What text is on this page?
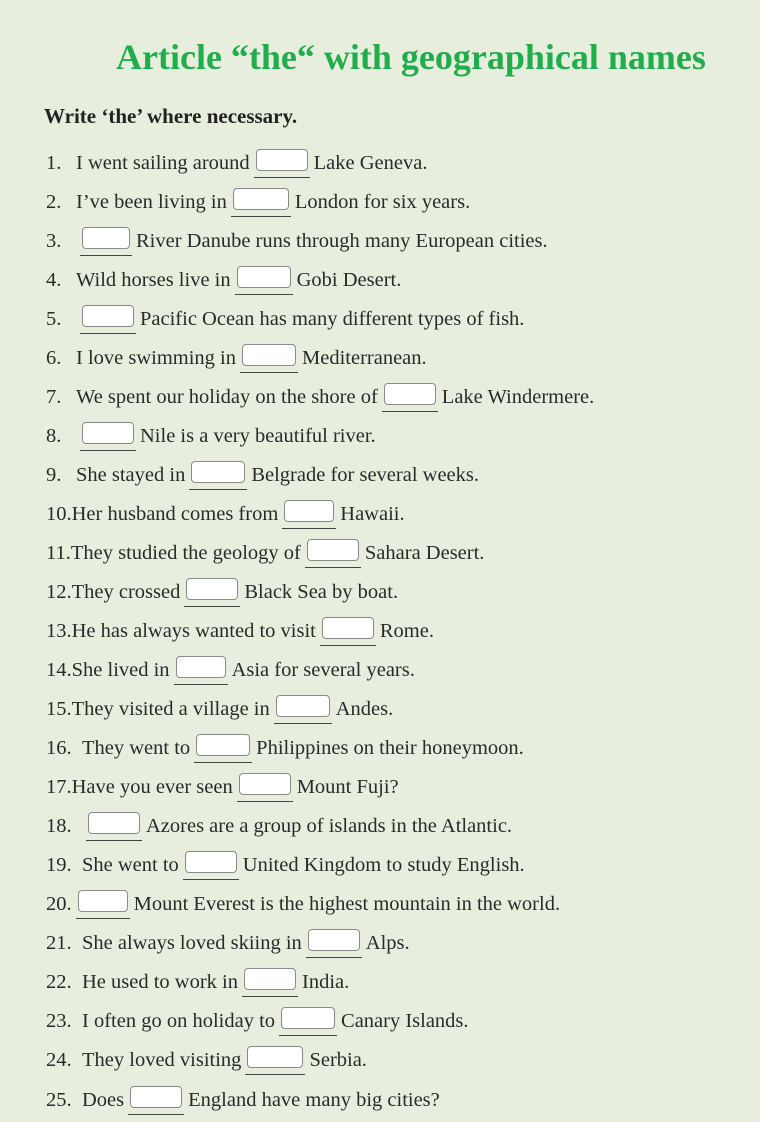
Article “the“ with geographical names

Write ‘the’ where necessary.

1. I went sailing around	Lake Geneva.
2. I’ve been living in	London for six years.
3.	River Danube runs through many European cities.
4. Wild horses live in	Gobi Desert.
5.	Pacific Ocean has many different types of fish.
6. I love swimming in	Mediterranean.
7. We spent our holiday on the shore of	Lake Windermere.
8.	Nile is a very beautiful river.
9. She stayed in	Belgrade for several weeks.
10.Her husband comes from	Hawaii.
11.They studied the geology of	Sahara Desert.
12.They crossed	Black Sea by boat.
13.He has always wanted to visit	Rome.
14.She lived in	Asia for several years.
15.They visited a village in	Andes.
16. They went to	Philippines on their honeymoon.
17.Have you ever seen	Mount Fuji?
18.	Azores are a group of islands in the Atlantic.
19. She went to	United Kingdom to study English.
20.	Mount Everest is the highest mountain in the world.
21. She always loved skiing in	Alps.
22. He used to work in	India.
23. I often go on holiday to	Canary Islands.
24. They loved visiting	Serbia.
25. Does	England have many big cities?
